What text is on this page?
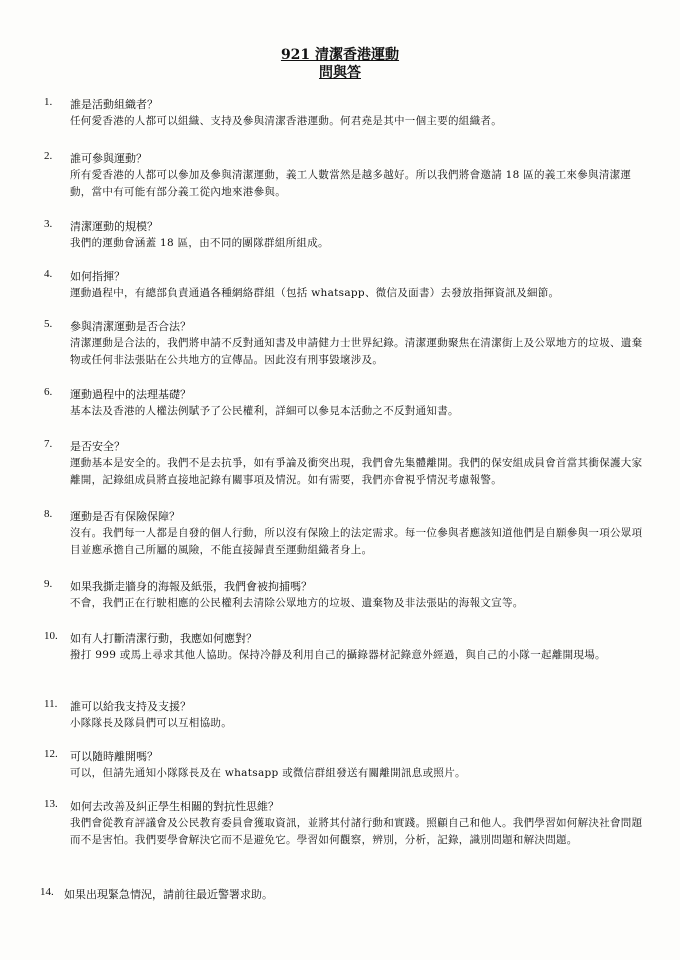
921 清潔香港運動
問與答
1. 誰是活動組織者？
任何愛香港的人都可以組織、支持及參與清潔香港運動。何君堯是其中一個主要的組織者。
2. 誰可參與運動？
所有愛香港的人都可以參加及參與清潔運動，義工人數當然是越多越好。所以我們將會邀請 18 區的義工來參與清潔運動，當中有可能有部分義工從內地來港參與。
3. 清潔運動的規模？
我們的運動會涵蓋 18 區，由不同的團隊群組所組成。
4. 如何指揮？
運動過程中，有總部負責通過各種網絡群組（包括 whatsapp、微信及面書）去發放指揮資訊及細節。
5. 參與清潔運動是否合法？
清潔運動是合法的，我們將申請不反對通知書及申請健力士世界紀錄。清潔運動聚焦在清潔街上及公眾地方的垃圾、遺棄物或任何非法張貼在公共地方的宣傳品。因此沒有刑事毀壞涉及。
6. 運動過程中的法理基礎？
基本法及香港的人權法例賦予了公民權利，詳細可以參見本活動之不反對通知書。
7. 是否安全？
運動基本是安全的。我們不是去抗爭，如有爭論及衝突出現，我們會先集體離開。我們的保安組成員會首當其衝保護大家離開，記錄組成員將直接地記錄有關事項及情況。如有需要，我們亦會視乎情況考慮報警。
8. 運動是否有保險保障？
沒有。我們每一人都是自發的個人行動，所以沒有保險上的法定需求。每一位參與者應該知道他們是自願參與一項公眾項目並應承擔自己所屬的風險，不能直接歸責至運動組織者身上。
9. 如果我撕走牆身的海報及紙張，我們會被拘捕嗎？
不會，我們正在行駛相應的公民權利去清除公眾地方的垃圾、遺棄物及非法張貼的海報文宣等。
10. 如有人打斷清潔行動，我應如何應對？
撥打 999 或馬上尋求其他人協助。保持冷靜及利用自己的攝錄器材記錄意外經過，與自己的小隊一起離開現場。
11. 誰可以給我支持及支援？
小隊隊長及隊員們可以互相協助。
12. 可以隨時離開嗎？
可以，但請先通知小隊隊長及在 whatsapp 或微信群組發送有關離開訊息或照片。
13. 如何去改善及糾正學生相關的對抗性思維？
我們會從教育評議會及公民教育委員會獲取資訊，並將其付諸行動和實踐。照顧自己和他人。我們學習如何解決社會問題而不是害怕。我們要學會解決它而不是避免它。學習如何觀察，辨別，分析，記錄，識別問題和解決問題。
14. 如果出現緊急情況，請前往最近警署求助。
